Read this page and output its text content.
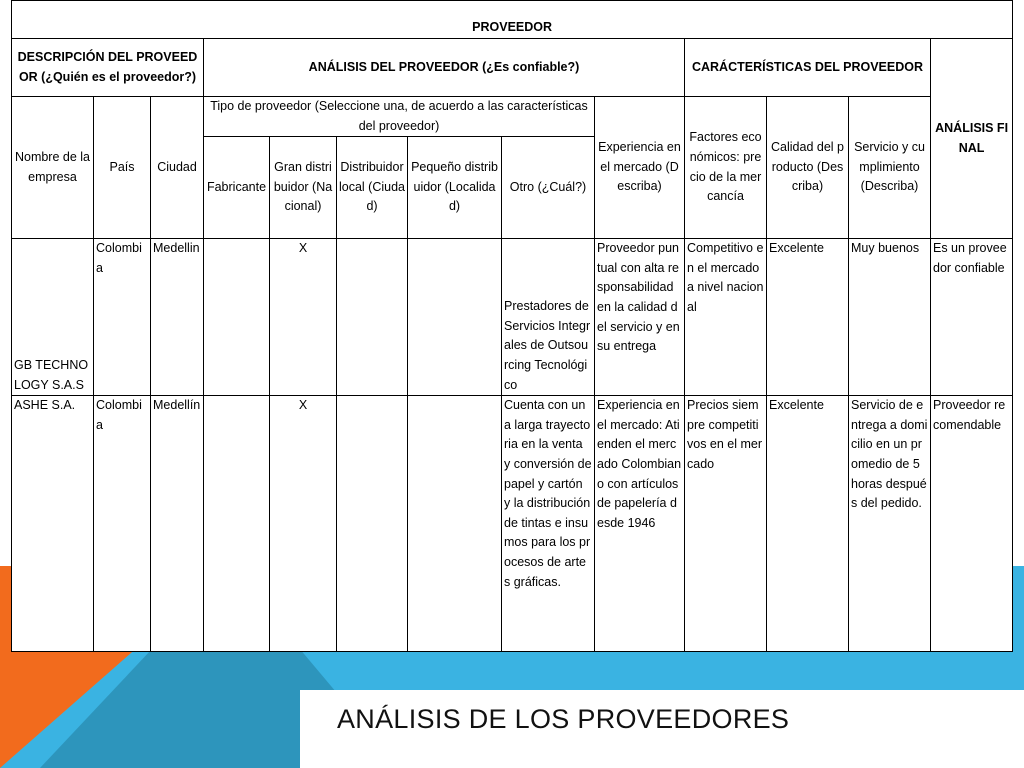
PROVEEDOR												
DESCRIPCIÓN DEL PROVEEDOR (¿Quién es el proveedor?)			ANÁLISIS DEL PROVEEDOR (¿Es confiable?)						CARÁCTERÍSTICAS DEL PROVEEDOR			ANÁLISIS FINAL
Nombre de la empresa	País	Ciudad	Tipo de proveedor (Seleccione una, de acuerdo a las características del proveedor)					Experiencia en el mercado (Describa)	Factores económicos: precio de la mercancía	Calidad del producto (Describa)	Servicio y cumplimiento (Describa)	
			Fabricante	Gran distribuidor (Nacional)	Distribuidor local (Ciudad)	Pequeño distribuidor (Localidad)	Otro (¿Cuál?)					
GB TECHNOLOGY S.A.S	Colombia	Medellin		X			Prestadores de Servicios Integrales de Outsourcing Tecnológico	Proveedor puntual con alta responsabilidad en la calidad del servicio y en su entrega	Competitivo en el mercado a nivel nacional	Excelente	Muy buenos	Es un proveedor confiable
ASHE S.A.	Colombia	Medellín		X			Cuenta con una larga trayectoria en la venta y conversión de papel y cartón y la distribución de tintas e insumos para los procesos de artes gráficas.	Experiencia en el mercado: Atienden el mercado Colombiano con artículos de papelería desde 1946	Precios siempre competitivos en el mercado	Excelente	Servicio de entrega a domicilio en un promedio de 5 horas después del pedido.	Proveedor recomendable
ANÁLISIS DE LOS PROVEEDORES
